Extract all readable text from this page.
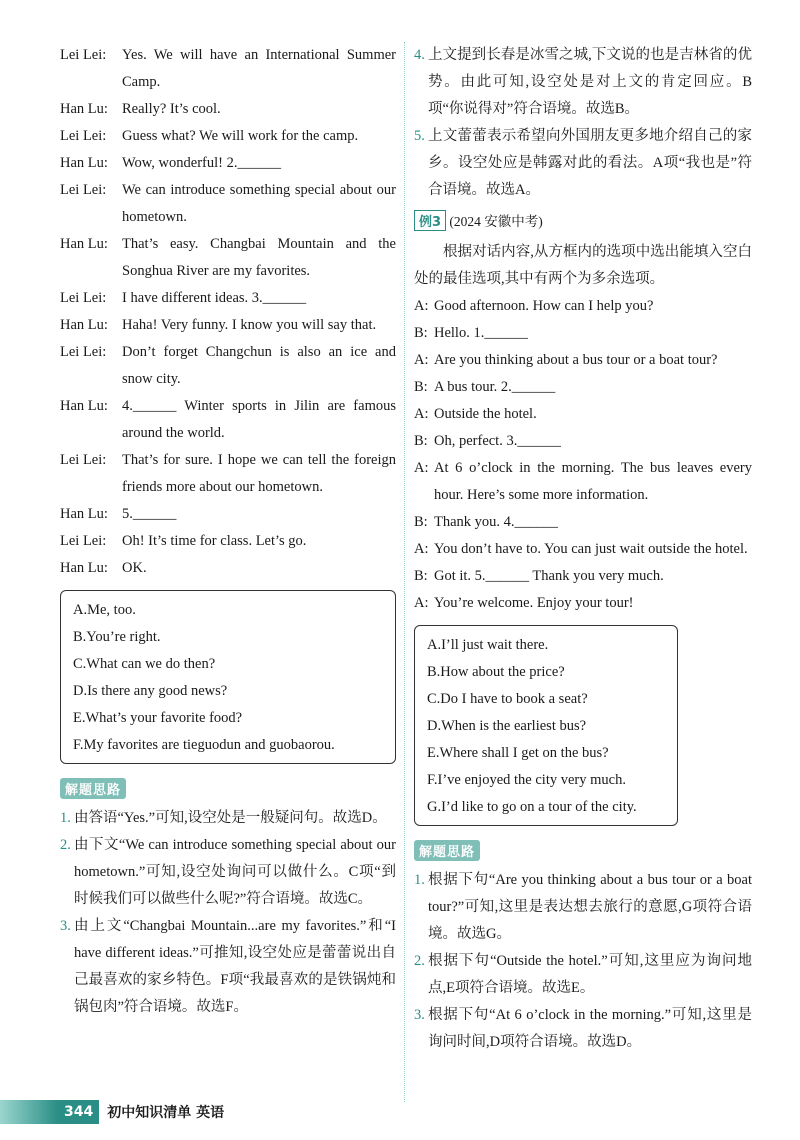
Lei Lei: Yes. We will have an International Summer Camp.
Han Lu: Really? It’s cool.
Lei Lei: Guess what? We will work for the camp.
Han Lu: Wow, wonderful! 2.______
Lei Lei: We can introduce something special about our hometown.
Han Lu: That’s easy. Changbai Mountain and the Songhua River are my favorites.
Lei Lei: I have different ideas. 3.______
Han Lu: Haha! Very funny. I know you will say that.
Lei Lei: Don’t forget Changchun is also an ice and snow city.
Han Lu: 4.______ Winter sports in Jilin are famous around the world.
Lei Lei: That’s for sure. I hope we can tell the foreign friends more about our hometown.
Han Lu: 5.______
Lei Lei: Oh! It’s time for class. Let’s go.
Han Lu: OK.
A.Me, too.
B.You’re right.
C.What can we do then?
D.Is there any good news?
E.What’s your favorite food?
F.My favorites are tieguodun and guobaorou.
解题思路
1. 由答语“Yes.”可知,设空处是一般疑问句。故选D。
2. 由下文“We can introduce something special about our hometown.”可知,设空处询问可以做什么。C项“到时候我们可以做些什么呢?”符合语境。故选C。
3. 由上文“Changbai Mountain...are my favorites.”和“I have different ideas.”可推知,设空处应是蕾蕾说出自己最喜欢的家乡特色。F项“我最喜欢的是铁锅炖和锅包肉”符合语境。故选F。
4. 上文提到长春是冰雪之城,下文说的也是吉林省的优势。由此可知,设空处是对上文的肯定回应。B项“你说得对”符合语境。故选B。
5. 上文蕾蕾表示希望向外国朋友更多地介绍自己的家乡。设空处应是韩露对此的看法。A项“我也是”符合语境。故选A。
例3 (2024 安徽中考)
根据对话内容,从方框内的选项中选出能填入空白处的最佳选项,其中有两个为多余选项。
A: Good afternoon. How can I help you?
B: Hello. 1.______
A: Are you thinking about a bus tour or a boat tour?
B: A bus tour. 2.______
A: Outside the hotel.
B: Oh, perfect. 3.______
A: At 6 o’clock in the morning. The bus leaves every hour. Here’s some more information.
B: Thank you. 4.______
A: You don’t have to. You can just wait outside the hotel.
B: Got it. 5.______ Thank you very much.
A: You’re welcome. Enjoy your tour!
A.I’ll just wait there.
B.How about the price?
C.Do I have to book a seat?
D.When is the earliest bus?
E.Where shall I get on the bus?
F.I’ve enjoyed the city very much.
G.I’d like to go on a tour of the city.
解题思路
1. 根据下句“Are you thinking about a bus tour or a boat tour?”可知,这里是表达想去旅行的意愿,G项符合语境。故选G。
2. 根据下句“Outside the hotel.”可知,这里应为询问地点,E项符合语境。故选E。
3. 根据下句“At 6 o’clock in the morning.”可知,这里是询问时间,D项符合语境。故选D。
344	初中知识清单 英语
